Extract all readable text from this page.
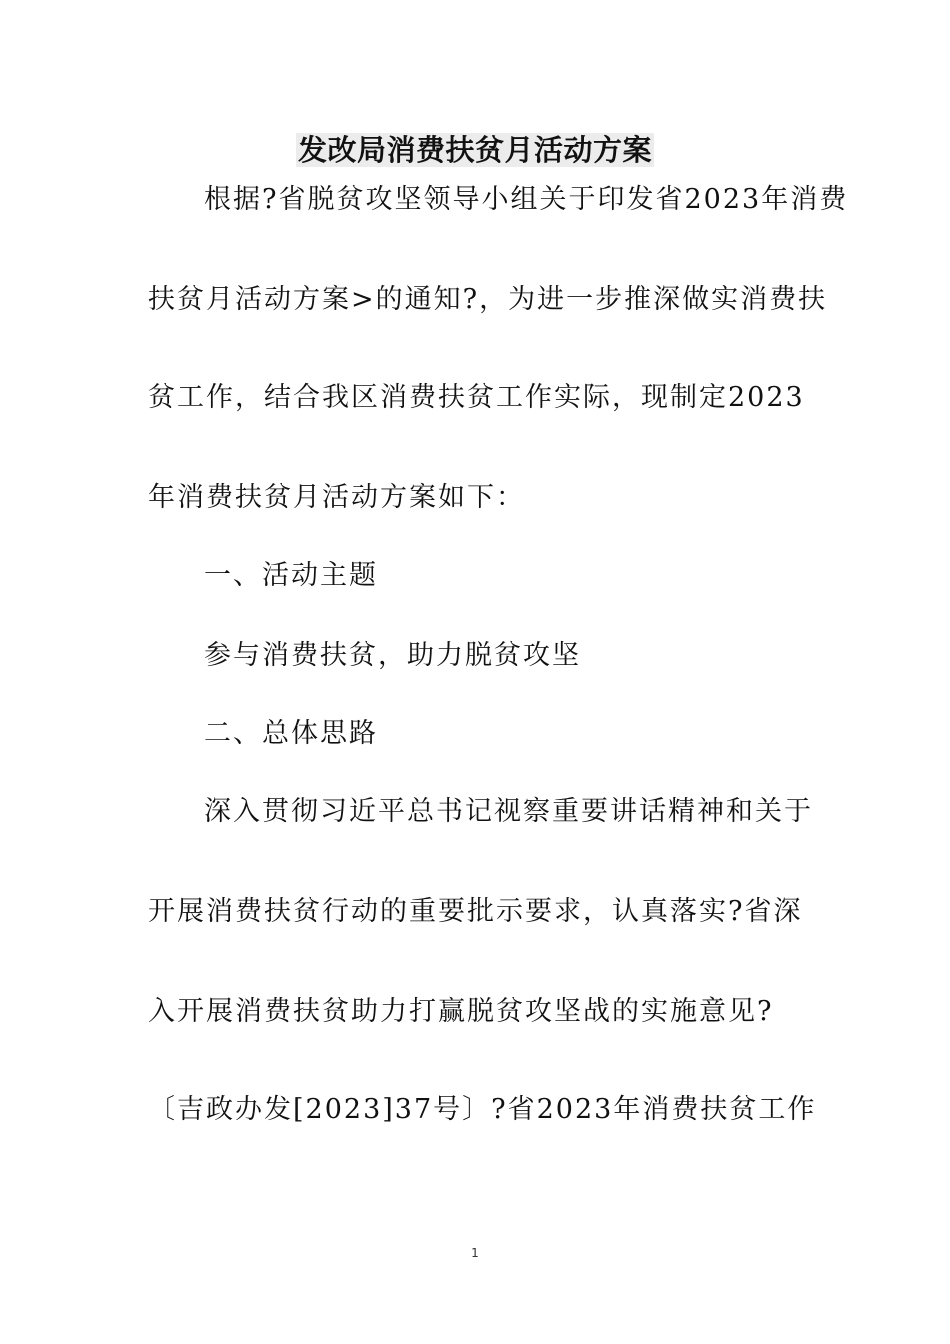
发改局消费扶贫月活动方案
根据?省脱贫攻坚领导小组关于印发省2023年消费
扶贫月活动方案>的通知?，为进一步推深做实消费扶
贫工作，结合我区消费扶贫工作实际，现制定2023
年消费扶贫月活动方案如下：
一、活动主题
参与消费扶贫，助力脱贫攻坚
二、总体思路
深入贯彻习近平总书记视察重要讲话精神和关于
开展消费扶贫行动的重要批示要求，认真落实?省深
入开展消费扶贫助力打赢脱贫攻坚战的实施意见?
〔吉政办发[2023]37号〕?省2023年消费扶贫工作
1
